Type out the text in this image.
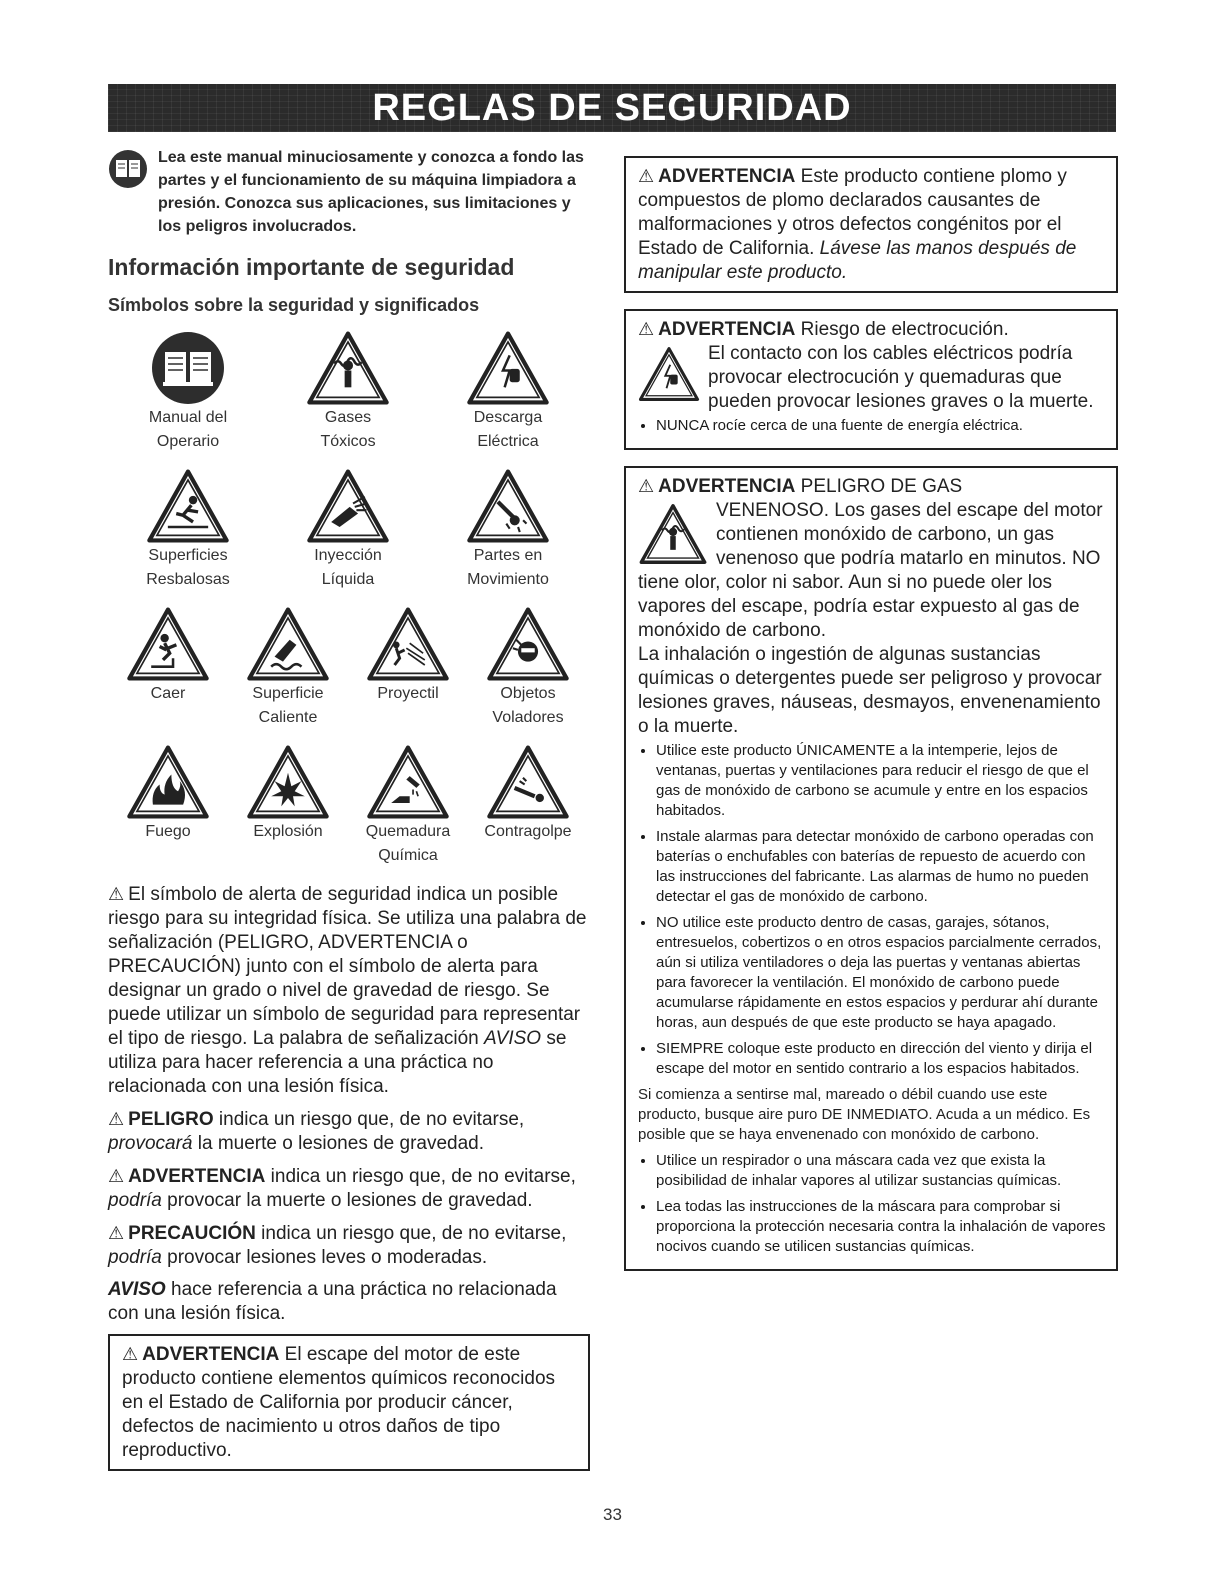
REGLAS DE SEGURIDAD
Lea este manual minuciosamente y conozca a fondo las partes y el funcionamiento de su máquina limpiadora a presión. Conozca sus aplicaciones, sus limitaciones y los peligros involucrados.
Información importante de seguridad
Símbolos sobre la seguridad y significados
Manual del
Operario
Gases
Tóxicos
Descarga
Eléctrica
Superficies
Resbalosas
Inyección
Líquida
Partes en
Movimiento
Caer	Superficie
Caliente
Proyectil	Objetos
Voladores
Fuego	Explosión	Quemadura
Química
Contragolpe

⚠ El símbolo de alerta de seguridad indica un posible riesgo para su integridad física. Se utiliza una palabra de señalización (PELIGRO, ADVERTENCIA o PRECAUCIÓN) junto con el símbolo de alerta para designar un grado o nivel de gravedad de riesgo. Se puede utilizar un símbolo de seguridad para representar el tipo de riesgo. La palabra de señalización AVISO se utiliza para hacer referencia a una práctica no relacionada con una lesión física.

⚠ PELIGRO indica un riesgo que, de no evitarse, provocará la muerte o lesiones de gravedad.

⚠ ADVERTENCIA indica un riesgo que, de no evitarse, podría provocar la muerte o lesiones de gravedad.

⚠ PRECAUCIÓN indica un riesgo que, de no evitarse, podría provocar lesiones leves o moderadas.

AVISO hace referencia a una práctica no relacionada con una lesión física.

⚠ ADVERTENCIA El escape del motor de este producto contiene elementos químicos reconocidos en el Estado de California por producir cáncer, defectos de nacimiento u otros daños de tipo reproductivo.
⚠ ADVERTENCIA Este producto contiene plomo y compuestos de plomo declarados causantes de malformaciones y otros defectos congénitos por el Estado de California. Lávese las manos después de manipular este producto.
⚠ ADVERTENCIA Riesgo de electrocución.
El contacto con los cables eléctricos podría provocar electrocución y quemaduras que pueden provocar lesiones graves o la muerte.
• NUNCA rocíe cerca de una fuente de energía eléctrica.
⚠ ADVERTENCIA PELIGRO DE GAS
VENENOSO. Los gases del escape del motor contienen monóxido de carbono, un gas venenoso que podría matarlo en minutos. NO tiene olor, color ni sabor. Aun si no puede oler los vapores del escape, podría estar expuesto al gas de monóxido de carbono.
La inhalación o ingestión de algunas sustancias químicas o detergentes puede ser peligroso y provocar lesiones graves, náuseas, desmayos, envenenamiento o la muerte.
• Utilice este producto ÚNICAMENTE a la intemperie, lejos de ventanas, puertas y ventilaciones para reducir el riesgo de que el gas de monóxido de carbono se acumule y entre en los espacios habitados.
• Instale alarmas para detectar monóxido de carbono operadas con baterías o enchufables con baterías de repuesto de acuerdo con las instrucciones del fabricante. Las alarmas de humo no pueden detectar el gas de monóxido de carbono.
• NO utilice este producto dentro de casas, garajes, sótanos, entresuelos, cobertizos o en otros espacios parcialmente cerrados, aún si utiliza ventiladores o deja las puertas y ventanas abiertas para favorecer la ventilación. El monóxido de carbono puede acumularse rápidamente en estos espacios y perdurar ahí durante horas, aun después de que este producto se haya apagado.
• SIEMPRE coloque este producto en dirección del viento y dirija el escape del motor en sentido contrario a los espacios habitados.
Si comienza a sentirse mal, mareado o débil cuando use este producto, busque aire puro DE INMEDIATO. Acuda a un médico. Es posible que se haya envenenado con monóxido de carbono.
• Utilice un respirador o una máscara cada vez que exista la posibilidad de inhalar vapores al utilizar sustancias químicas.
• Lea todas las instrucciones de la máscara para comprobar si proporciona la protección necesaria contra la inhalación de vapores nocivos cuando se utilicen sustancias químicas.
33
